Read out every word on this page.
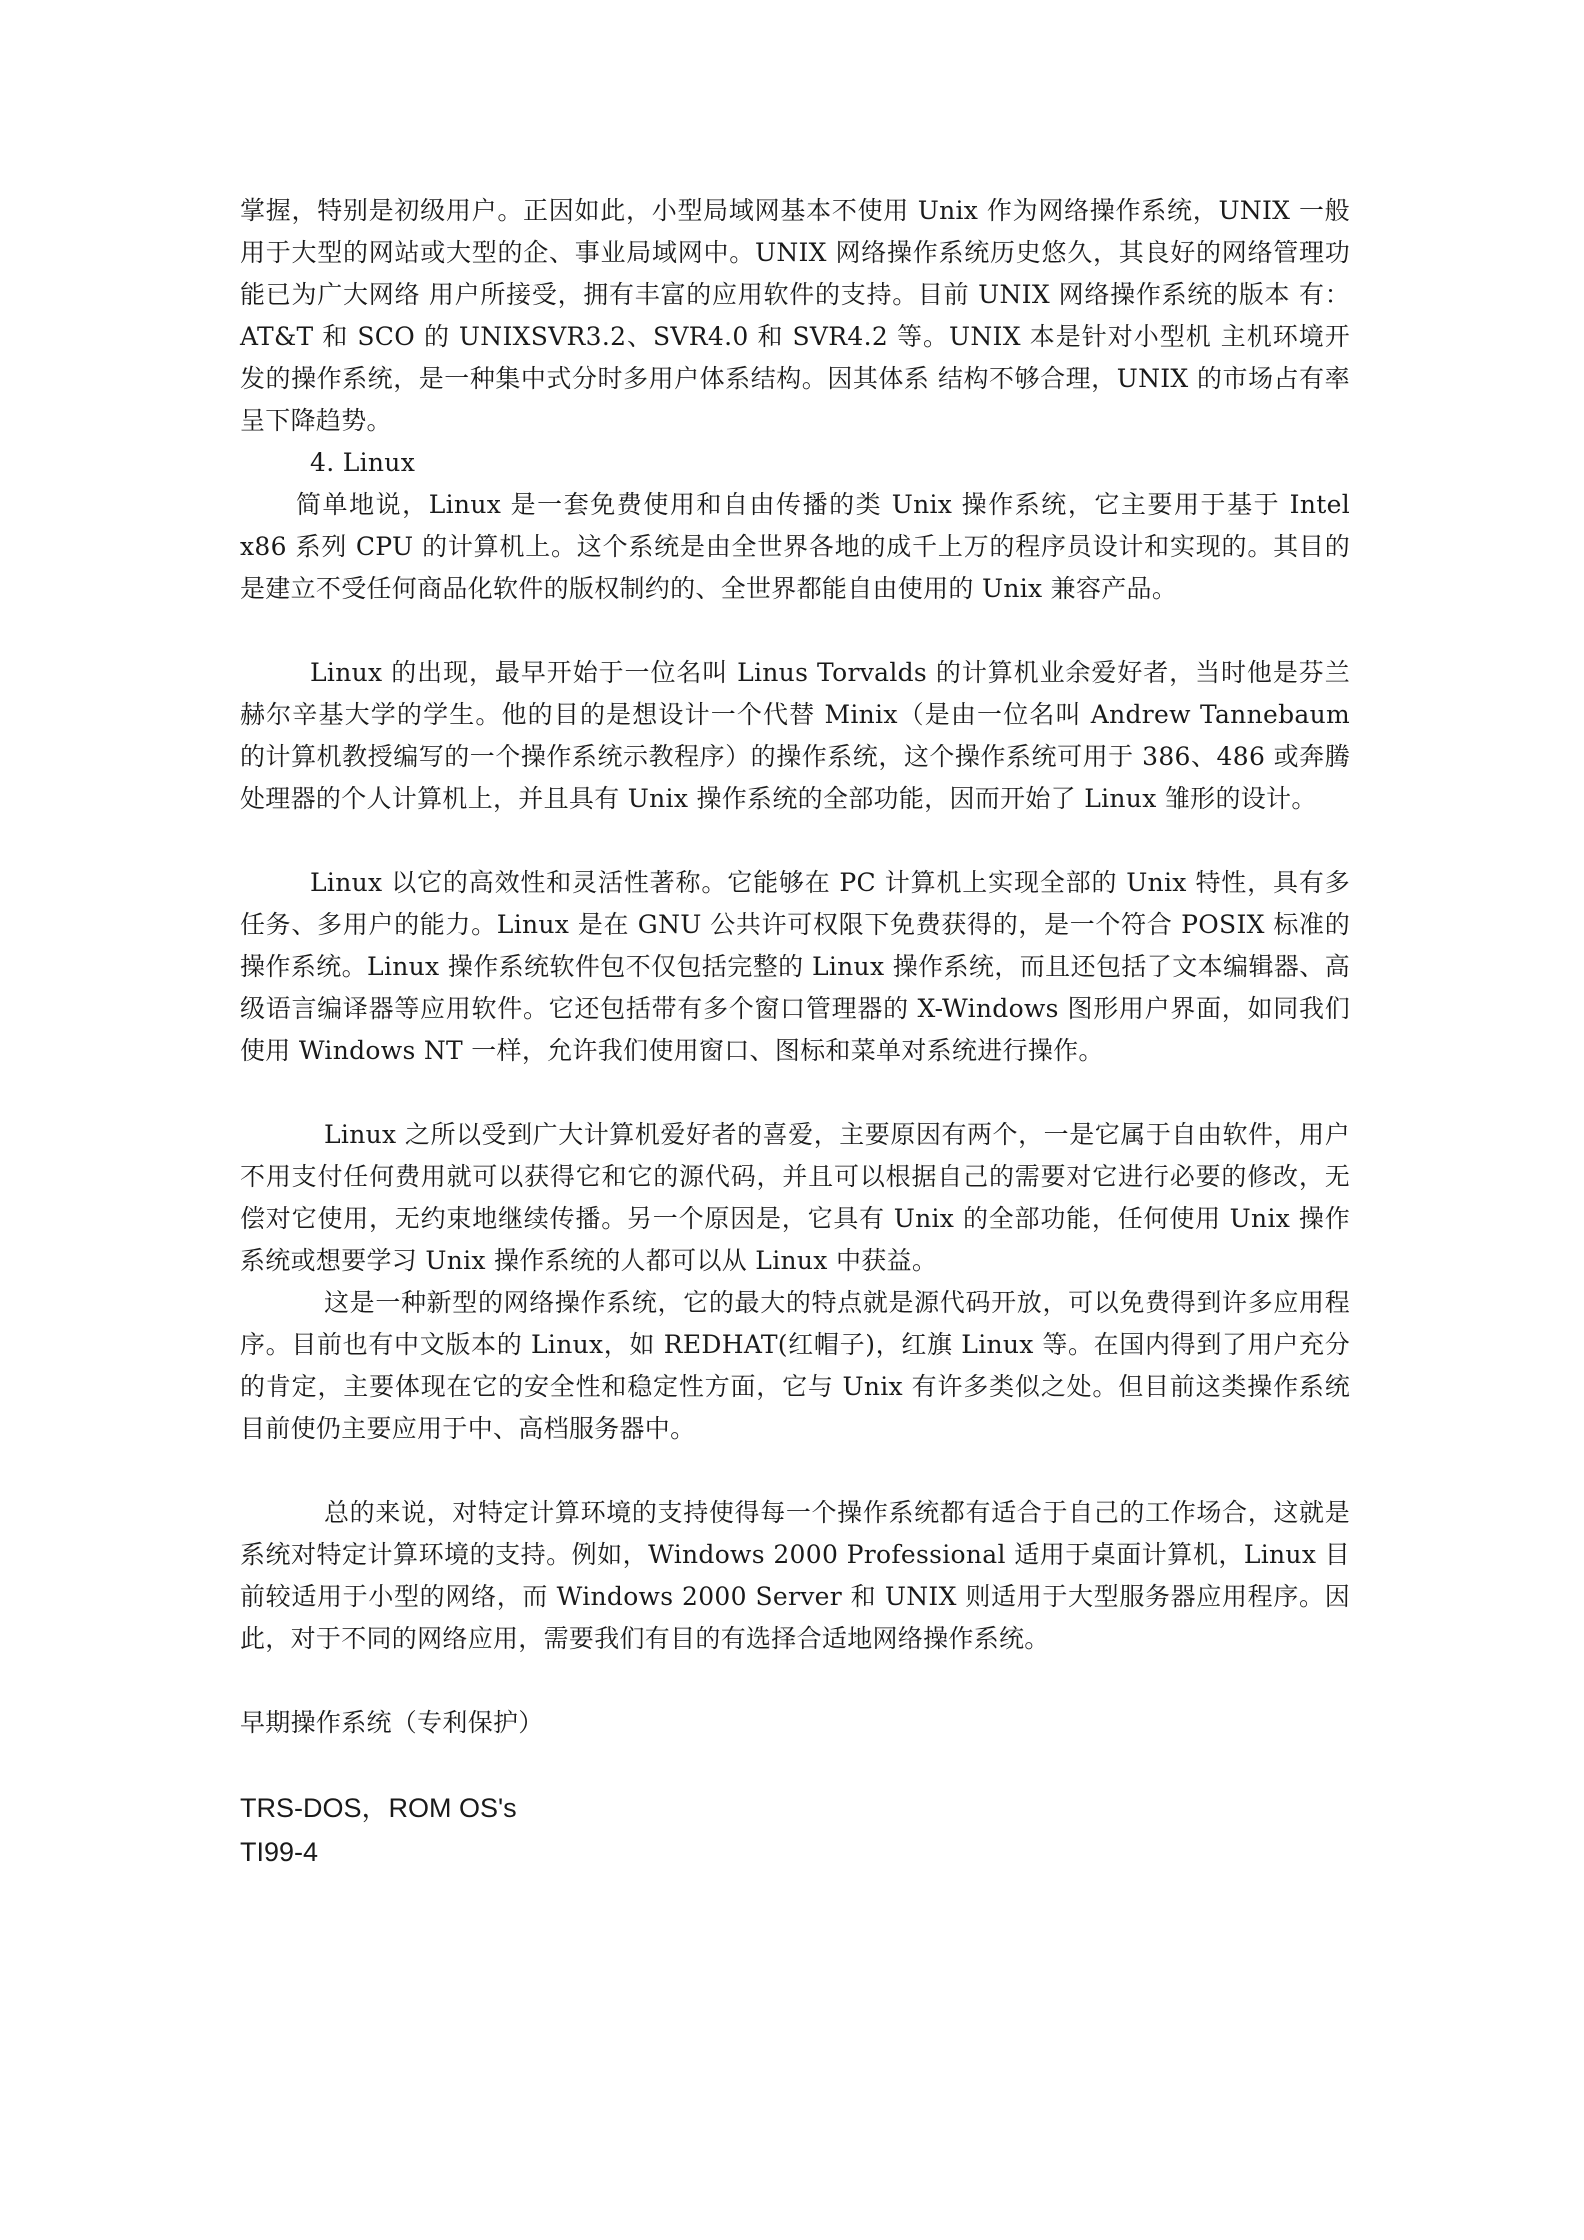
掌握，特别是初级用户。正因如此，小型局域网基本不使用 Unix 作为网络操作系统，UNIX 一般用于大型的网站或大型的企、事业局域网中。UNIX 网络操作系统历史悠久，其良好的网络管理功能已为广大网络 用户所接受，拥有丰富的应用软件的支持。目前 UNIX 网络操作系统的版本 有：AT&T 和 SCO 的 UNIXSVR3.2、SVR4.0 和 SVR4.2 等。UNIX 本是针对小型机 主机环境开发的操作系统，是一种集中式分时多用户体系结构。因其体系 结构不够合理，UNIX 的市场占有率呈下降趋势。

4. Linux

简单地说，Linux 是一套免费使用和自由传播的类 Unix 操作系统，它主要用于基于 Intel x86 系列 CPU 的计算机上。这个系统是由全世界各地的成千上万的程序员设计和实现的。其目的是建立不受任何商品化软件的版权制约的、全世界都能自由使用的 Unix 兼容产品。

Linux 的出现，最早开始于一位名叫 Linus Torvalds 的计算机业余爱好者，当时他是芬兰赫尔辛基大学的学生。他的目的是想设计一个代替 Minix（是由一位名叫 Andrew Tannebaum 的计算机教授编写的一个操作系统示教程序）的操作系统，这个操作系统可用于 386、486 或奔腾处理器的个人计算机上，并且具有 Unix 操作系统的全部功能，因而开始了 Linux 雏形的设计。

Linux 以它的高效性和灵活性著称。它能够在 PC 计算机上实现全部的 Unix 特性，具有多任务、多用户的能力。Linux 是在 GNU 公共许可权限下免费获得的，是一个符合 POSIX 标准的操作系统。Linux 操作系统软件包不仅包括完整的 Linux 操作系统，而且还包括了文本编辑器、高级语言编译器等应用软件。它还包括带有多个窗口管理器的 X-Windows 图形用户界面，如同我们使用 Windows NT 一样，允许我们使用窗口、图标和菜单对系统进行操作。

Linux 之所以受到广大计算机爱好者的喜爱，主要原因有两个，一是它属于自由软件，用户不用支付任何费用就可以获得它和它的源代码，并且可以根据自己的需要对它进行必要的修改，无偿对它使用，无约束地继续传播。另一个原因是，它具有 Unix 的全部功能，任何使用 Unix 操作系统或想要学习 Unix 操作系统的人都可以从 Linux 中获益。

这是一种新型的网络操作系统，它的最大的特点就是源代码开放，可以免费得到许多应用程序。目前也有中文版本的 Linux，如 REDHAT(红帽子)，红旗 Linux 等。在国内得到了用户充分的肯定，主要体现在它的安全性和稳定性方面，它与 Unix 有许多类似之处。但目前这类操作系统目前使仍主要应用于中、高档服务器中。

总的来说，对特定计算环境的支持使得每一个操作系统都有适合于自己的工作场合，这就是系统对特定计算环境的支持。例如，Windows 2000 Professional 适用于桌面计算机，Linux 目前较适用于小型的网络，而 Windows 2000 Server 和 UNIX 则适用于大型服务器应用程序。因此，对于不同的网络应用，需要我们有目的有选择合适地网络操作系统。

早期操作系统（专利保护）

TRS-DOS，ROM OS's

TI99-4
